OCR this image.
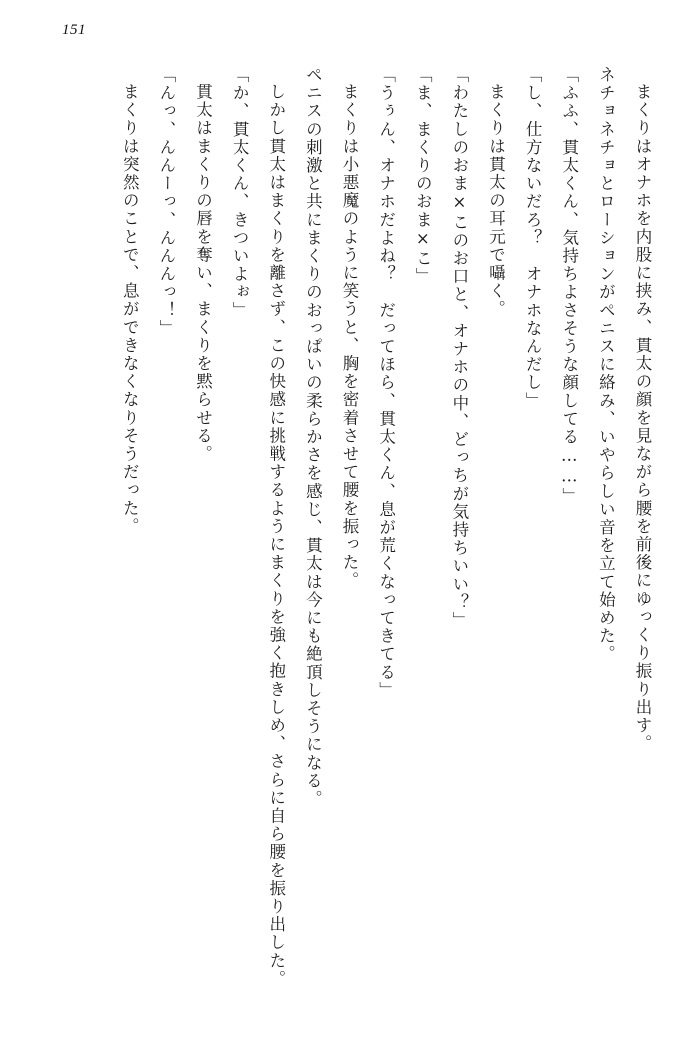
151

まくりはオナホを内股に挟み、貫太の顔を見ながら腰を前後にゆっくり振り出す。

ネチョネチョとローションがペニスに絡み、いやらしい音を立て始めた。

「ふふ、貫太くん、気持ちよさそうな顔してる……」

「し、仕方ないだろ？　オナホなんだし」

まくりは貫太の耳元で囁く。

「わたしのおま×このお口と、オナホの中、どっちが気持ちいい？」

「ま、まくりのおま×こ」

「うぅん、オナホだよね？　だってほら、貫太くん、息が荒くなってきてる」

まくりは小悪魔のように笑うと、胸を密着させて腰を振った。

ペニスの刺激と共にまくりのおっぱいの柔らかさを感じ、貫太は今にも絶頂しそうになる。

しかし貫太はまくりを離さず、この快感に挑戦するようにまくりを強く抱きしめ、さらに自ら腰を振り出した。

「か、貫太くん、きついよぉ」

貫太はまくりの唇を奪い、まくりを黙らせる。

「んっ、んんーっ、んんんっ！」

まくりは突然のことで、息ができなくなりそうだった。
